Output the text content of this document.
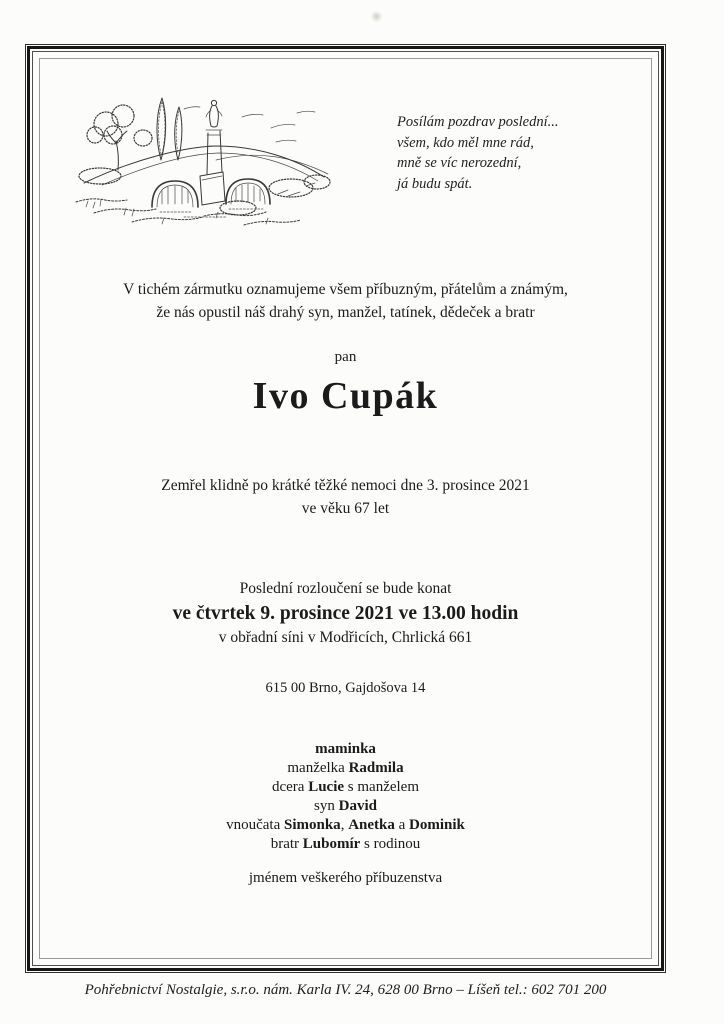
Posílám pozdrav poslední...
všem, kdo měl mne rád,
mně se víc nerozední,
já budu spát.
V tichém zármutku oznamujeme všem příbuzným, přátelům a známým,
že nás opustil náš drahý syn, manžel, tatínek, dědeček a bratr
pan
Ivo Cupák
Zemřel klidně po krátké těžké nemoci dne 3. prosince 2021
ve věku 67 let
Poslední rozloučení se bude konat
ve čtvrtek 9. prosince 2021 ve 13.00 hodin
v obřadní síni v Modřicích, Chrlická 661
615 00 Brno, Gajdošova 14
maminka
manželka Radmila
dcera Lucie s manželem
syn David
vnoučata Simonka, Anetka a Dominik
bratr Lubomír s rodinou
jménem veškerého příbuzenstva
Pohřebnictví Nostalgie, s.r.o. nám. Karla IV. 24, 628 00 Brno – Líšeň tel.: 602 701 200
